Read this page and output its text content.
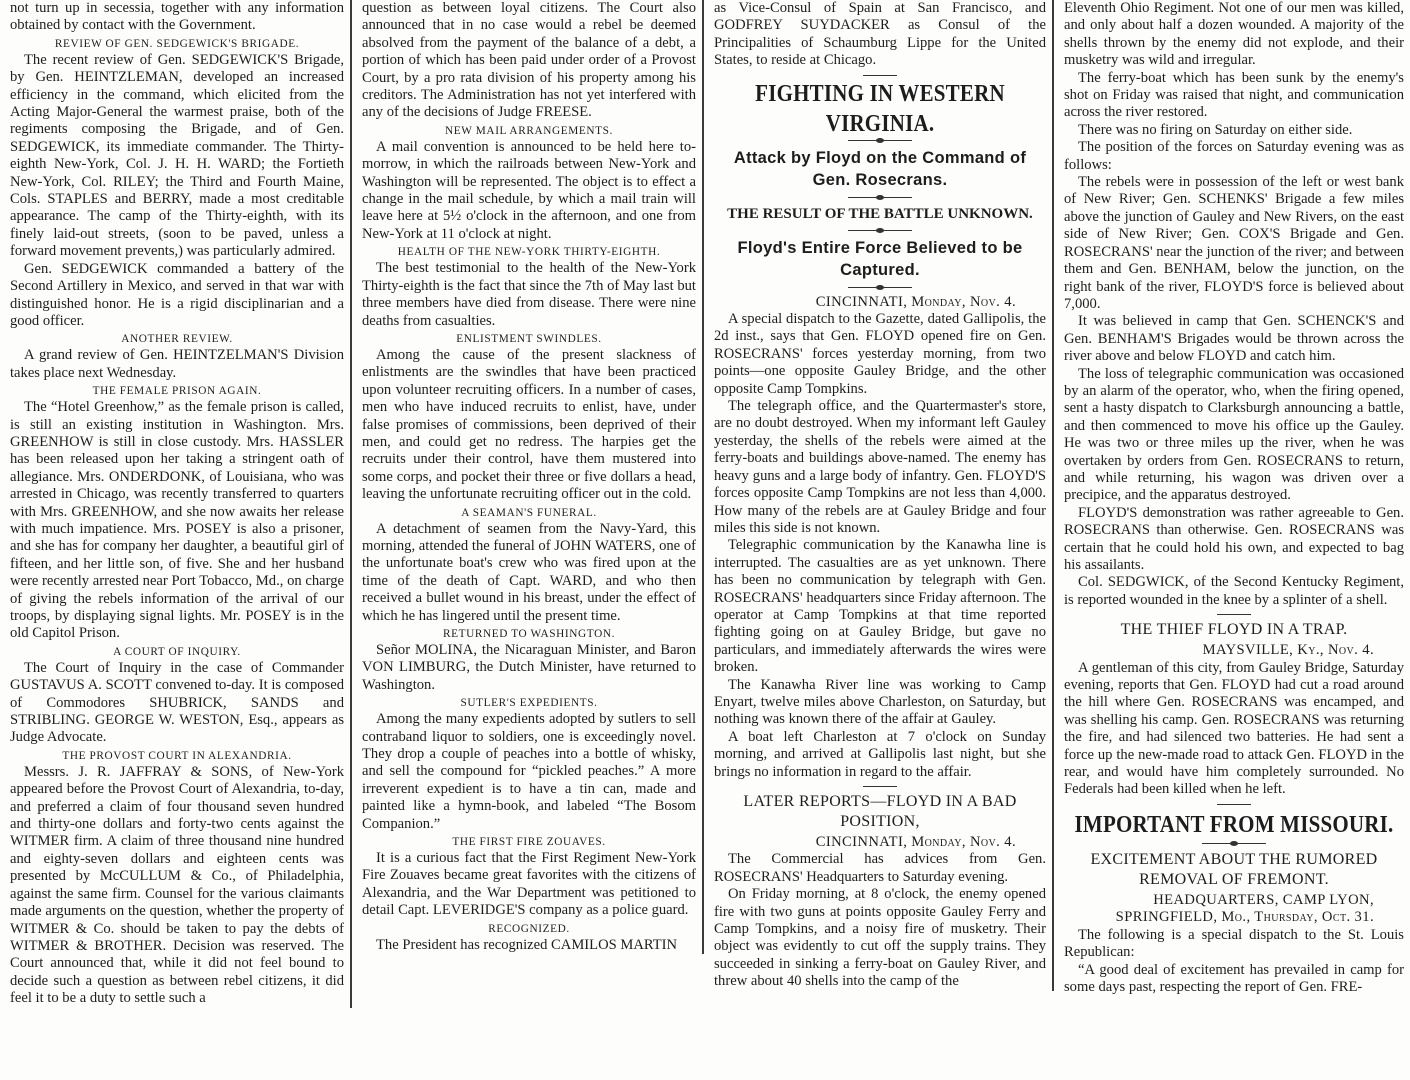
not turn up in secessia, together with any information obtained by contact with the Government.

REVIEW OF GEN. SEDGEWICK'S BRIGADE.

The recent review of Gen. SEDGEWICK'S Brigade, by Gen. HEINTZLEMAN, developed an increased efficiency in the command, which elicited from the Acting Major-General the warmest praise, both of the regiments composing the Brigade, and of Gen. SEDGEWICK, its immediate commander. The Thirty-eighth New-York, Col. J. H. H. WARD; the Fortieth New-York, Col. RILEY; the Third and Fourth Maine, Cols. STAPLES and BERRY, made a most creditable appearance. The camp of the Thirty-eighth, with its finely laid-out streets, (soon to be paved, unless a forward movement prevents,) was particularly admired.

Gen. SEDGEWICK commanded a battery of the Second Artillery in Mexico, and served in that war with distinguished honor. He is a rigid disciplinarian and a good officer.

ANOTHER REVIEW.

A grand review of Gen. HEINTZELMAN'S Division takes place next Wednesday.

THE FEMALE PRISON AGAIN.

The “Hotel Greenhow,” as the female prison is called, is still an existing institution in Washington. Mrs. GREENHOW is still in close custody. Mrs. HASSLER has been released upon her taking a stringent oath of allegiance. Mrs. ONDERDONK, of Louisiana, who was arrested in Chicago, was recently transferred to quarters with Mrs. GREENHOW, and she now awaits her release with much impatience. Mrs. POSEY is also a prisoner, and she has for company her daughter, a beautiful girl of fifteen, and her little son, of five. She and her husband were recently arrested near Port Tobacco, Md., on charge of giving the rebels information of the arrival of our troops, by displaying signal lights. Mr. POSEY is in the old Capitol Prison.

A COURT OF INQUIRY.

The Court of Inquiry in the case of Commander GUSTAVUS A. SCOTT convened to-day. It is composed of Commodores SHUBRICK, SANDS and STRIBLING. GEORGE W. WESTON, Esq., appears as Judge Advocate.

THE PROVOST COURT IN ALEXANDRIA.

Messrs. J. R. JAFFRAY & SONS, of New-York appeared before the Provost Court of Alexandria, to-day, and preferred a claim of four thousand seven hundred and thirty-one dollars and forty-two cents against the WITMER firm. A claim of three thousand nine hundred and eighty-seven dollars and eighteen cents was presented by McCULLUM & Co., of Philadelphia, against the same firm. Counsel for the various claimants made arguments on the question, whether the property of WITMER & Co. should be taken to pay the debts of WITMER & BROTHER. Decision was reserved. The Court announced that, while it did not feel bound to decide such a question as between rebel citizens, it did feel it to be a duty to settle such a

question as between loyal citizens. The Court also announced that in no case would a rebel be deemed absolved from the payment of the balance of a debt, a portion of which has been paid under order of a Provost Court, by a pro rata division of his property among his creditors. The Administration has not yet interfered with any of the decisions of Judge FREESE.

NEW MAIL ARRANGEMENTS.

A mail convention is announced to be held here to-morrow, in which the railroads between New-York and Washington will be represented. The object is to effect a change in the mail schedule, by which a mail train will leave here at 5½ o'clock in the afternoon, and one from New-York at 11 o'clock at night.

HEALTH OF THE NEW-YORK THIRTY-EIGHTH.

The best testimonial to the health of the New-York Thirty-eighth is the fact that since the 7th of May last but three members have died from disease. There were nine deaths from casualties.

ENLISTMENT SWINDLES.

Among the cause of the present slackness of enlistments are the swindles that have been practiced upon volunteer recruiting officers. In a number of cases, men who have induced recruits to enlist, have, under false promises of commissions, been deprived of their men, and could get no redress. The harpies get the recruits under their control, have them mustered into some corps, and pocket their three or five dollars a head, leaving the unfortunate recruiting officer out in the cold.

A SEAMAN'S FUNERAL.

A detachment of seamen from the Navy-Yard, this morning, attended the funeral of JOHN WATERS, one of the unfortunate boat's crew who was fired upon at the time of the death of Capt. WARD, and who then received a bullet wound in his breast, under the effect of which he has lingered until the present time.

RETURNED TO WASHINGTON.

Señor MOLINA, the Nicaraguan Minister, and Baron VON LIMBURG, the Dutch Minister, have returned to Washington.

SUTLER'S EXPEDIENTS.

Among the many expedients adopted by sutlers to sell contraband liquor to soldiers, one is exceedingly novel. They drop a couple of peaches into a bottle of whisky, and sell the compound for “pickled peaches.” A more irreverent expedient is to have a tin can, made and painted like a hymn-book, and labeled “The Bosom Companion.”

THE FIRST FIRE ZOUAVES.

It is a curious fact that the First Regiment New-York Fire Zouaves became great favorites with the citizens of Alexandria, and the War Department was petitioned to detail Capt. LEVERIDGE'S company as a police guard.

RECOGNIZED.

The President has recognized CAMILOS MARTIN

as Vice-Consul of Spain at San Francisco, and GODFREY SUYDACKER as Consul of the Principalities of Schaumburg Lippe for the United States, to reside at Chicago.

FIGHTING IN WESTERN VIRGINIA.
Attack by Floyd on the Command of Gen. Rosecrans.
THE RESULT OF THE BATTLE UNKNOWN.
Floyd's Entire Force Believed to be Captured.

CINCINNATI, Monday, Nov. 4.

A special dispatch to the Gazette, dated Gallipolis, the 2d inst., says that Gen. FLOYD opened fire on Gen. ROSECRANS' forces yesterday morning, from two points—one opposite Gauley Bridge, and the other opposite Camp Tompkins.

The telegraph office, and the Quartermaster's store, are no doubt destroyed. When my informant left Gauley yesterday, the shells of the rebels were aimed at the ferry-boats and buildings above-named. The enemy has heavy guns and a large body of infantry. Gen. FLOYD'S forces opposite Camp Tompkins are not less than 4,000. How many of the rebels are at Gauley Bridge and four miles this side is not known.

Telegraphic communication by the Kanawha line is interrupted. The casualties are as yet unknown. There has been no communication by telegraph with Gen. ROSECRANS' headquarters since Friday afternoon. The operator at Camp Tompkins at that time reported fighting going on at Gauley Bridge, but gave no particulars, and immediately afterwards the wires were broken.

The Kanawha River line was working to Camp Enyart, twelve miles above Charleston, on Saturday, but nothing was known there of the affair at Gauley.

A boat left Charleston at 7 o'clock on Sunday morning, and arrived at Gallipolis last night, but she brings no information in regard to the affair.

LATER REPORTS—FLOYD IN A BAD POSITION,

CINCINNATI, Monday, Nov. 4.

The Commercial has advices from Gen. ROSECRANS' Headquarters to Saturday evening.

On Friday morning, at 8 o'clock, the enemy opened fire with two guns at points opposite Gauley Ferry and Camp Tompkins, and a noisy fire of musketry. Their object was evidently to cut off the supply trains. They succeeded in sinking a ferry-boat on Gauley River, and threw about 40 shells into the camp of the

Eleventh Ohio Regiment. Not one of our men was killed, and only about half a dozen wounded. A majority of the shells thrown by the enemy did not explode, and their musketry was wild and irregular.

The ferry-boat which has been sunk by the enemy's shot on Friday was raised that night, and communication across the river restored.

There was no firing on Saturday on either side.

The position of the forces on Saturday evening was as follows:

The rebels were in possession of the left or west bank of New River; Gen. SCHENKS' Brigade a few miles above the junction of Gauley and New Rivers, on the east side of New River; Gen. COX'S Brigade and Gen. ROSECRANS' near the junction of the river; and between them and Gen. BENHAM, below the junction, on the right bank of the river, FLOYD'S force is believed about 7,000.

It was believed in camp that Gen. SCHENCK'S and Gen. BENHAM'S Brigades would be thrown across the river above and below FLOYD and catch him.

The loss of telegraphic communication was occasioned by an alarm of the operator, who, when the firing opened, sent a hasty dispatch to Clarksburgh announcing a battle, and then commenced to move his office up the Gauley. He was two or three miles up the river, when he was overtaken by orders from Gen. ROSECRANS to return, and while returning, his wagon was driven over a precipice, and the apparatus destroyed.

FLOYD'S demonstration was rather agreeable to Gen. ROSECRANS than otherwise. Gen. ROSECRANS was certain that he could hold his own, and expected to bag his assailants.

Col. SEDGWICK, of the Second Kentucky Regiment, is reported wounded in the knee by a splinter of a shell.

THE THIEF FLOYD IN A TRAP.

MAYSVILLE, Ky., Nov. 4.

A gentleman of this city, from Gauley Bridge, Saturday evening, reports that Gen. FLOYD had cut a road around the hill where Gen. ROSECRANS was encamped, and was shelling his camp. Gen. ROSECRANS was returning the fire, and had silenced two batteries. He had sent a force up the new-made road to attack Gen. FLOYD in the rear, and would have him completely surrounded. No Federals had been killed when he left.

IMPORTANT FROM MISSOURI.
EXCITEMENT ABOUT THE RUMORED REMOVAL OF FREMONT.

HEADQUARTERS, CAMP LYON, SPRINGFIELD, Mo., Thursday, Oct. 31.

The following is a special dispatch to the St. Louis Republican:

“A good deal of excitement has prevailed in camp for some days past, respecting the report of Gen. FRE-
